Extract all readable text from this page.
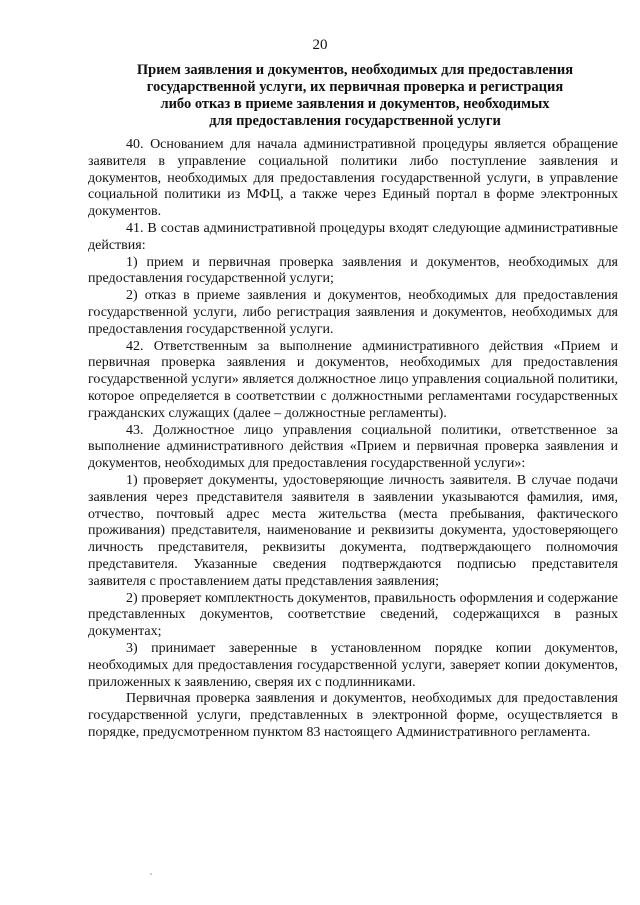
20
Прием заявления и документов, необходимых для предоставления
государственной услуги, их первичная проверка и регистрация
либо отказ в приеме заявления и документов, необходимых
для предоставления государственной услуги

40. Основанием для начала административной процедуры является обращение заявителя в управление социальной политики либо поступление заявления и документов, необходимых для предоставления государственной услуги, в управление социальной политики из МФЦ, а также через Единый портал в форме электронных документов.

41. В состав административной процедуры входят следующие административные действия:

1) прием и первичная проверка заявления и документов, необходимых для предоставления государственной услуги;

2) отказ в приеме заявления и документов, необходимых для предоставления государственной услуги, либо регистрация заявления и документов, необходимых для предоставления государственной услуги.

42. Ответственным за выполнение административного действия «Прием и первичная проверка заявления и документов, необходимых для предоставления государственной услуги» является должностное лицо управления социальной политики, которое определяется в соответствии с должностными регламентами государственных гражданских служащих (далее – должностные регламенты).

43. Должностное лицо управления социальной политики, ответственное за выполнение административного действия «Прием и первичная проверка заявления и документов, необходимых для предоставления государственной услуги»:

1) проверяет документы, удостоверяющие личность заявителя. В случае подачи заявления через представителя заявителя в заявлении указываются фамилия, имя, отчество, почтовый адрес места жительства (места пребывания, фактического проживания) представителя, наименование и реквизиты документа, удостоверяющего личность представителя, реквизиты документа, подтверждающего полномочия представителя. Указанные сведения подтверждаются подписью представителя заявителя с проставлением даты представления заявления;

2) проверяет комплектность документов, правильность оформления и содержание представленных документов, соответствие сведений, содержащихся в разных документах;

3) принимает заверенные в установленном порядке копии документов, необходимых для предоставления государственной услуги, заверяет копии документов, приложенных к заявлению, сверяя их с подлинниками.

Первичная проверка заявления и документов, необходимых для предоставления государственной услуги, представленных в электронной форме, осуществляется в порядке, предусмотренном пунктом 83 настоящего Административного регламента.
